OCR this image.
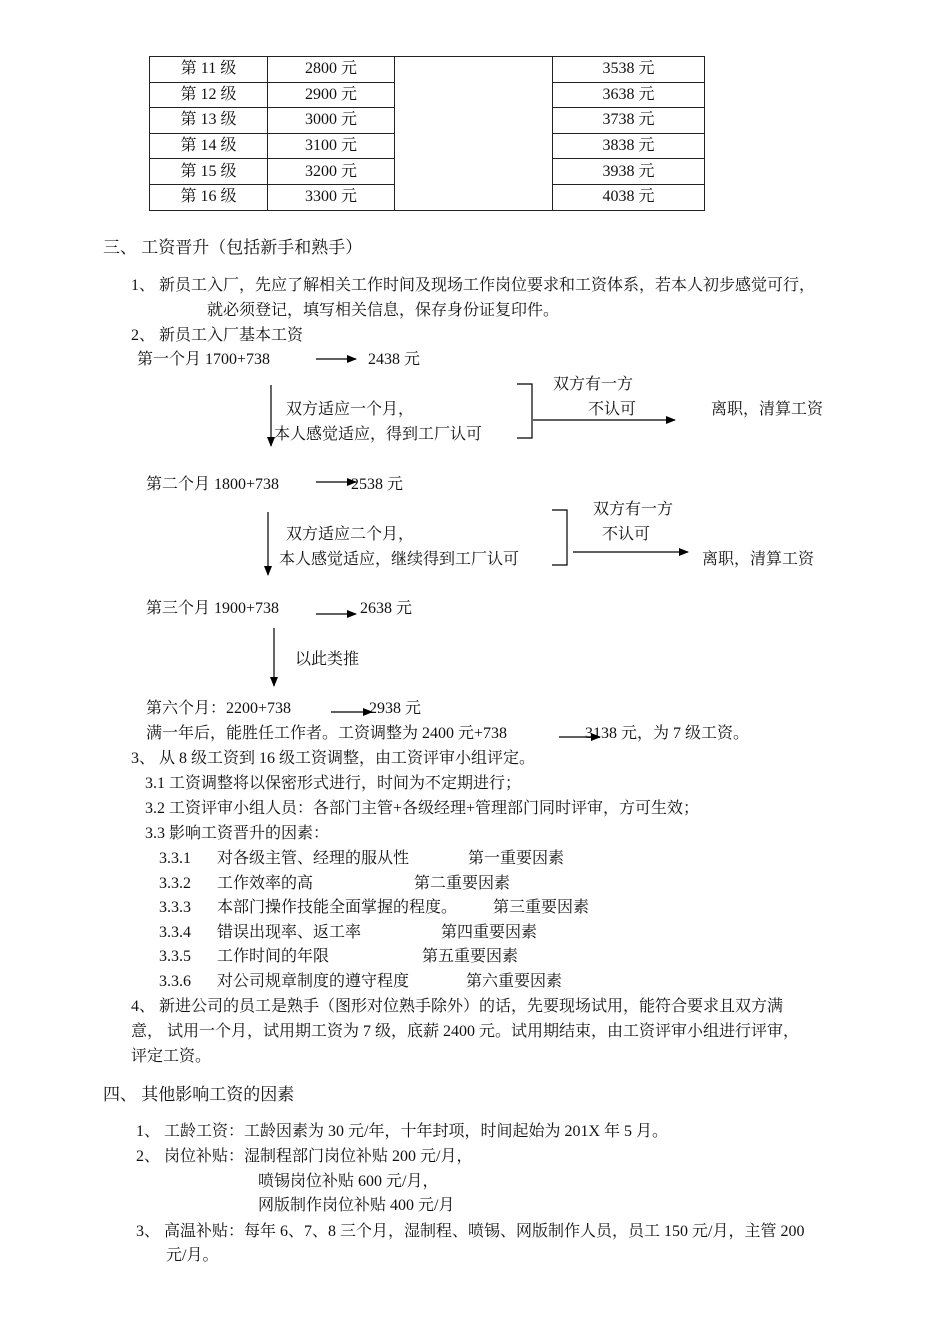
第 11 级	2800 元		3538 元
第 12 级	2900 元		3638 元
第 13 级	3000 元		3738 元
第 14 级	3100 元		3838 元
第 15 级	3200 元		3938 元
第 16 级	3300 元		4038 元
三、 工资晋升（包括新手和熟手）
1、 新员工入厂，先应了解相关工作时间及现场工作岗位要求和工资体系，若本人初步感觉可行，
就必须登记，填写相关信息，保存身份证复印件。
2、 新员工入厂基本工资
第一个月 1700+738	2438 元
双方适应一个月，
本人感觉适应，得到工厂认可
双方有一方
不认可	离职，清算工资
第二个月 1800+738	2538 元
双方适应二个月，
本人感觉适应，继续得到工厂认可
双方有一方
不认可
离职，清算工资
第三个月 1900+738	2638 元
以此类推
第六个月：2200+738	2938 元
满一年后，能胜任工作者。工资调整为 2400 元+738	3138 元，为 7 级工资。
3、 从 8 级工资到 16 级工资调整，由工资评审小组评定。
3.1 工资调整将以保密形式进行，时间为不定期进行；
3.2 工资评审小组人员：各部门主管+各级经理+管理部门同时评审，方可生效；
3.3 影响工资晋升的因素：
3.3.1 对各级主管、经理的服从性	第一重要因素
3.3.2 工作效率的高	第二重要因素
3.3.3 本部门操作技能全面掌握的程度。 第三重要因素
3.3.4 错误出现率、返工率	第四重要因素
3.3.5 工作时间的年限	第五重要因素
3.3.6 对公司规章制度的遵守程度	第六重要因素
4、 新进公司的员工是熟手（图形对位熟手除外）的话，先要现场试用，能符合要求且双方满
意， 试用一个月，试用期工资为 7 级，底薪 2400 元。试用期结束，由工资评审小组进行评审，
评定工资。
四、 其他影响工资的因素
1、 工龄工资：工龄因素为 30 元/年，十年封项，时间起始为 201X 年 5 月。
2、 岗位补贴：湿制程部门岗位补贴 200 元/月，
喷锡岗位补贴 600 元/月，
网版制作岗位补贴 400 元/月
3、 高温补贴：每年 6、7、8 三个月，湿制程、喷锡、网版制作人员，员工 150 元/月，主管 200
元/月。
